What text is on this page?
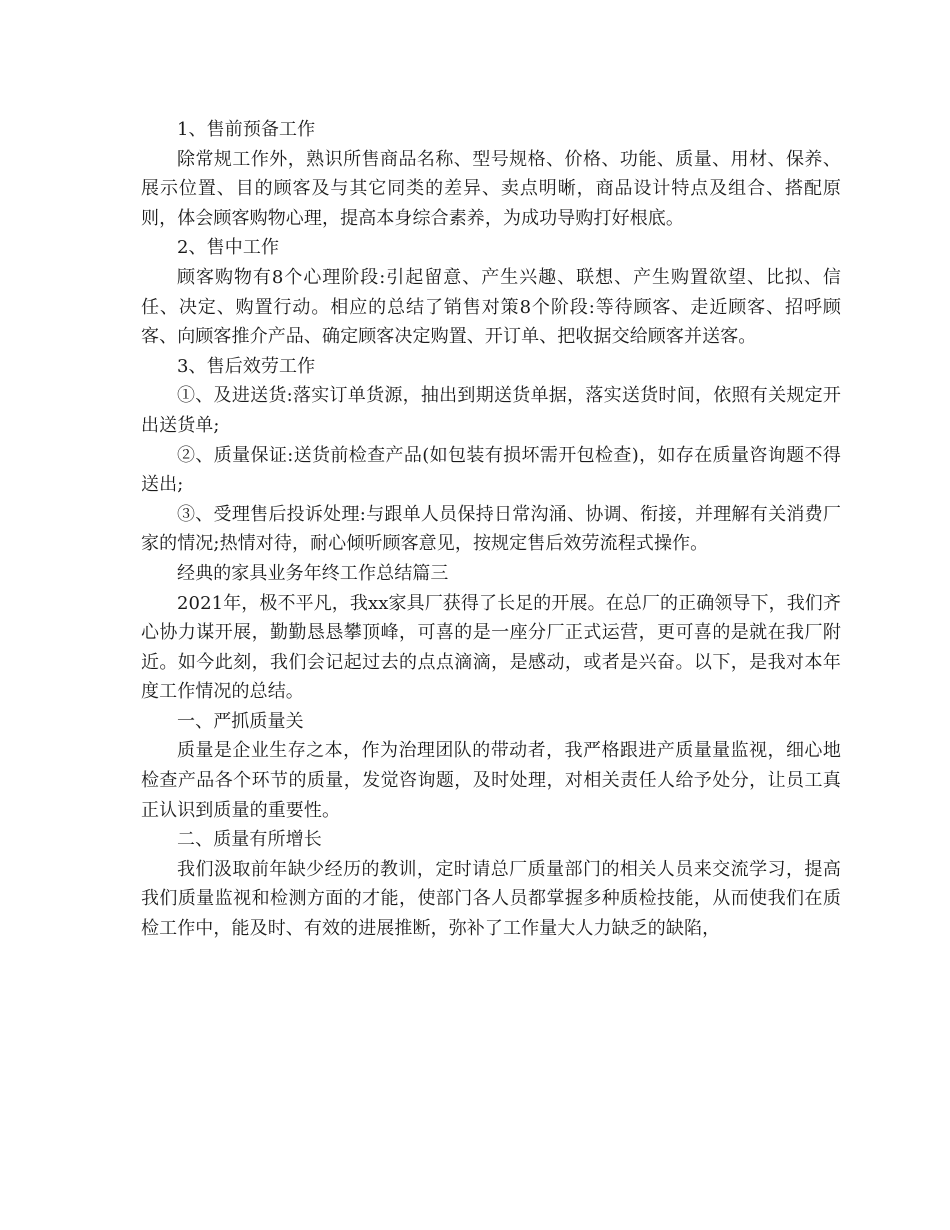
1、售前预备工作

除常规工作外，熟识所售商品名称、型号规格、价格、功能、质量、用材、保养、展示位置、目的顾客及与其它同类的差异、卖点明晰，商品设计特点及组合、搭配原则，体会顾客购物心理，提高本身综合素养，为成功导购打好根底。

2、售中工作

顾客购物有8个心理阶段:引起留意、产生兴趣、联想、产生购置欲望、比拟、信任、决定、购置行动。相应的总结了销售对策8个阶段:等待顾客、走近顾客、招呼顾客、向顾客推介产品、确定顾客决定购置、开订单、把收据交给顾客并送客。

3、售后效劳工作

①、及进送货:落实订单货源，抽出到期送货单据，落实送货时间，依照有关规定开出送货单;

②、质量保证:送货前检查产品(如包装有损坏需开包检查)，如存在质量咨询题不得送出;

③、受理售后投诉处理:与跟单人员保持日常沟涌、协调、衔接，并理解有关消费厂家的情况;热情对待，耐心倾听顾客意见，按规定售后效劳流程式操作。

经典的家具业务年终工作总结篇三

2021年，极不平凡，我xx家具厂获得了长足的开展。在总厂的正确领导下，我们齐心协力谋开展，勤勤恳恳攀顶峰，可喜的是一座分厂正式运营，更可喜的是就在我厂附近。如今此刻，我们会记起过去的点点滴滴，是感动，或者是兴奋。以下，是我对本年度工作情况的总结。

一、严抓质量关

质量是企业生存之本，作为治理团队的带动者，我严格跟进产质量量监视，细心地检查产品各个环节的质量，发觉咨询题，及时处理，对相关责任人给予处分，让员工真正认识到质量的重要性。

二、质量有所增长

我们汲取前年缺少经历的教训，定时请总厂质量部门的相关人员来交流学习，提高我们质量监视和检测方面的才能，使部门各人员都掌握多种质检技能，从而使我们在质检工作中，能及时、有效的进展推断，弥补了工作量大人力缺乏的缺陷，
